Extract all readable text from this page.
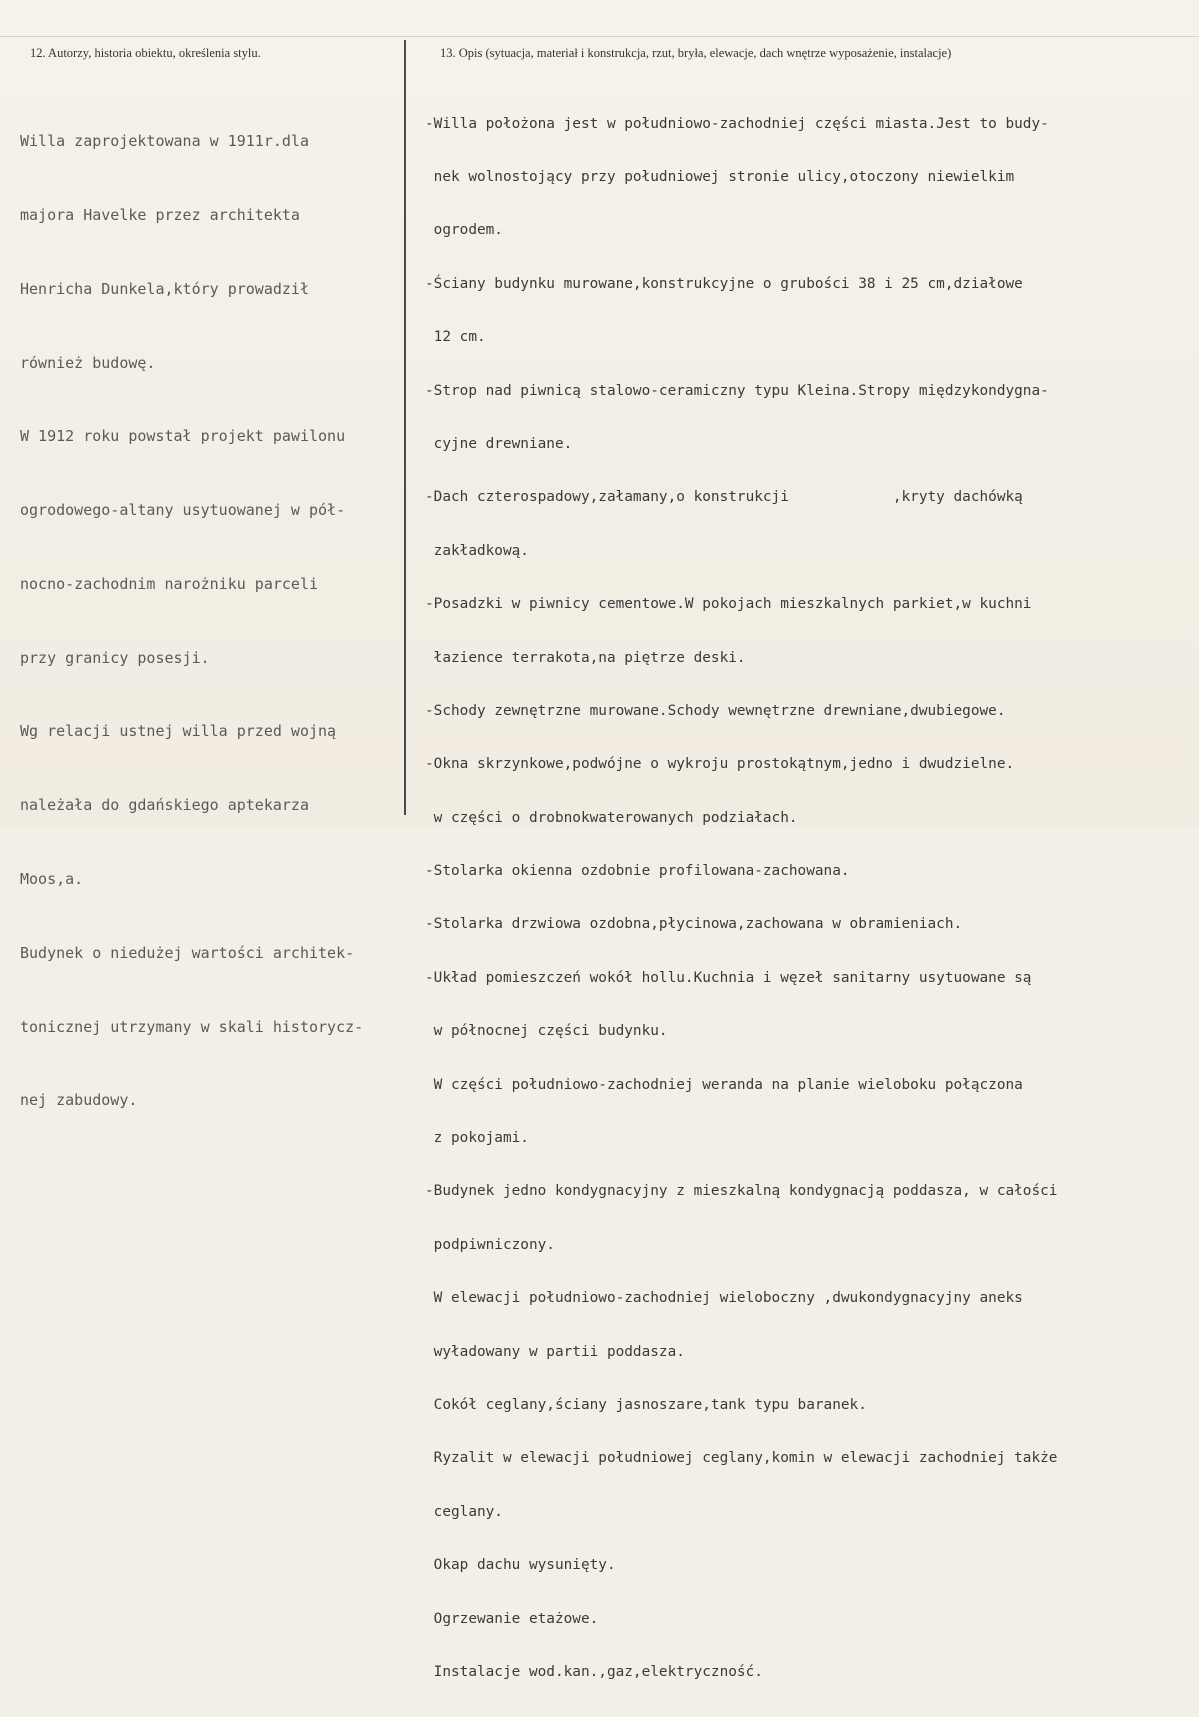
12. Autorzy, historia obiektu, określenia stylu.	13. Opis (sytuacja, materiał i konstrukcja, rzut, bryła, elewacje, dach wnętrze wyposażenie, instalacje)

Willa zaprojektowana w 1911r.dla

majora Havelke przez architekta

Henricha Dunkela,który prowadził

również budowę.

W 1912 roku powstał projekt pawilonu

ogrodowego-altany usytuowanej w pół-

nocno-zachodnim narożniku parceli

przy granicy posesji.

Wg relacji ustnej willa przed wojną

należała do gdańskiego aptekarza

Moos,a.

Budynek o niedużej wartości architek-

tonicznej utrzymany w skali historycz-

nej zabudowy.

-Willa położona jest w południowo-zachodniej części miasta.Jest to budy-

nek wolnostojący przy południowej stronie ulicy,otoczony niewielkim

ogrodem.

-Ściany budynku murowane,konstrukcyjne o grubości 38 i 25 cm,działowe

12 cm.

-Strop nad piwnicą stalowo-ceramiczny typu Kleina.Stropy międzykondygna-

cyjne drewniane.

-Dach czterospadowy,załamany,o konstrukcji            ,kryty dachówką

zakładkową.

-Posadzki w piwnicy cementowe.W pokojach mieszkalnych parkiet,w kuchni

łazience terrakota,na piętrze deski.

-Schody zewnętrzne murowane.Schody wewnętrzne drewniane,dwubiegowe.

-Okna skrzynkowe,podwójne o wykroju prostokątnym,jedno i dwudzielne.

w części o drobnokwaterowanych podziałach.

-Stolarka okienna ozdobnie profilowana-zachowana.

-Stolarka drzwiowa ozdobna,płycinowa,zachowana w obramieniach.

-Układ pomieszczeń wokół hollu.Kuchnia i węzeł sanitarny usytuowane są

w północnej części budynku.

W części południowo-zachodniej weranda na planie wieloboku połączona

z pokojami.

-Budynek jedno kondygnacyjny z mieszkalną kondygnacją poddasza, w całości

podpiwniczony.

W elewacji południowo-zachodniej wieloboczny ,dwukondygnacyjny aneks

wyładowany w partii poddasza.

Cokół ceglany,ściany jasnoszare,tank typu baranek.

Ryzalit w elewacji południowej ceglany,komin w elewacji zachodniej także

ceglany.

Okap dachu wysunięty.

Ogrzewanie etażowe.

Instalacje wod.kan.,gaz,elektryczność.
